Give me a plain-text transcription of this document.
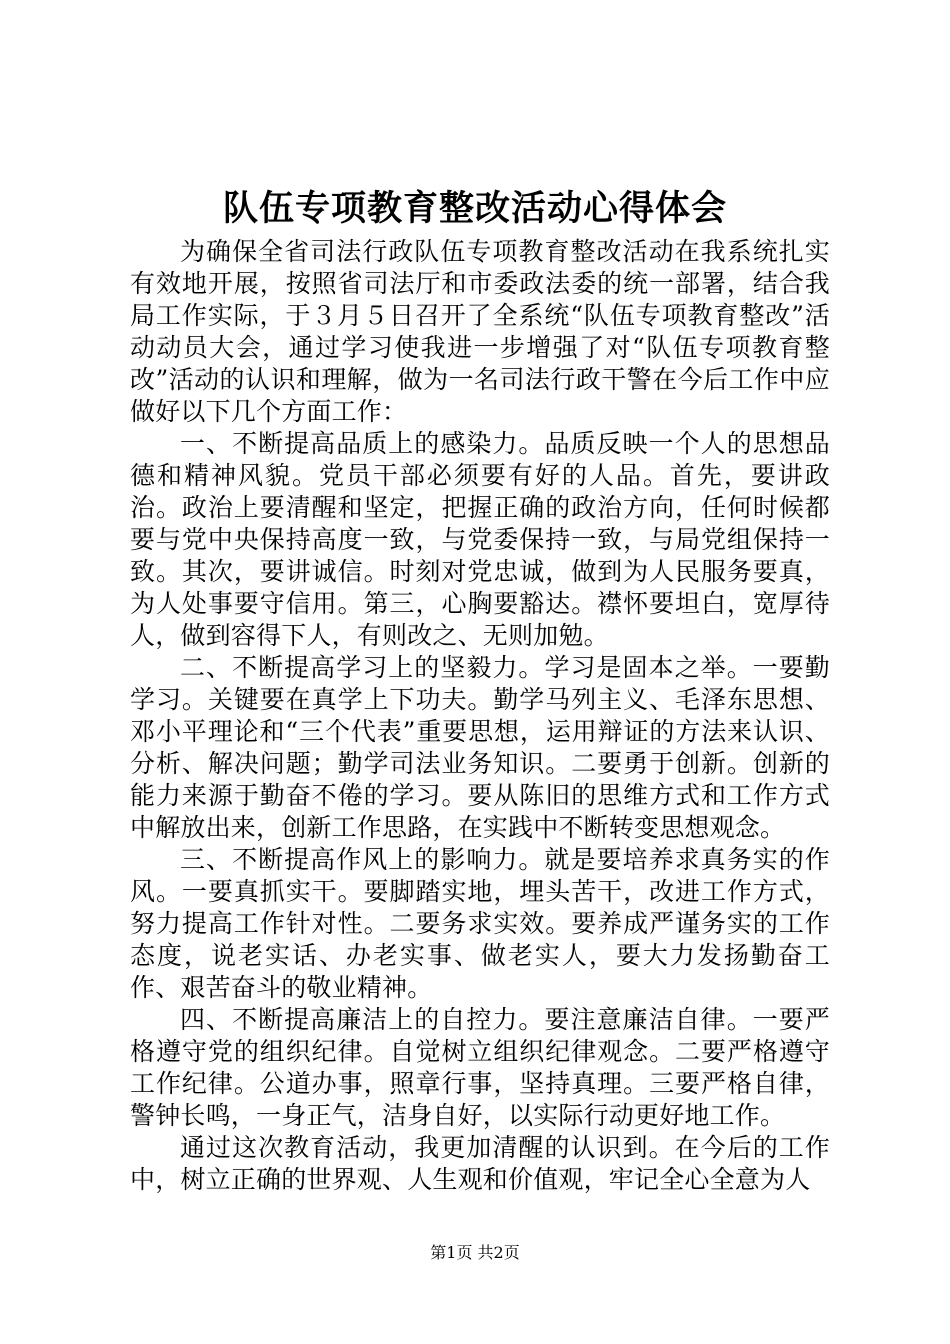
队伍专项教育整改活动心得体会

为确保全省司法行政队伍专项教育整改活动在我系统扎实有效地开展，按照省司法厅和市委政法委的统一部署，结合我局工作实际，于３月５日召开了全系统“队伍专项教育整改”活动动员大会，通过学习使我进一步增强了对“队伍专项教育整改”活动的认识和理解，做为一名司法行政干警在今后工作中应做好以下几个方面工作：

一、不断提高品质上的感染力。品质反映一个人的思想品德和精神风貌。党员干部必须要有好的人品。首先，要讲政治。政治上要清醒和坚定，把握正确的政治方向，任何时候都要与党中央保持高度一致，与党委保持一致，与局党组保持一致。其次，要讲诚信。时刻对党忠诚，做到为人民服务要真，为人处事要守信用。第三，心胸要豁达。襟怀要坦白，宽厚待人，做到容得下人，有则改之、无则加勉。

二、不断提高学习上的坚毅力。学习是固本之举。一要勤学习。关键要在真学上下功夫。勤学马列主义、毛泽东思想、邓小平理论和“三个代表”重要思想，运用辩证的方法来认识、分析、解决问题；勤学司法业务知识。二要勇于创新。创新的能力来源于勤奋不倦的学习。要从陈旧的思维方式和工作方式中解放出来，创新工作思路，在实践中不断转变思想观念。

三、不断提高作风上的影响力。就是要培养求真务实的作风。一要真抓实干。要脚踏实地，埋头苦干，改进工作方式，努力提高工作针对性。二要务求实效。要养成严谨务实的工作态度，说老实话、办老实事、做老实人，要大力发扬勤奋工作、艰苦奋斗的敬业精神。

四、不断提高廉洁上的自控力。要注意廉洁自律。一要严格遵守党的组织纪律。自觉树立组织纪律观念。二要严格遵守工作纪律。公道办事，照章行事，坚持真理。三要严格自律，警钟长鸣，一身正气，洁身自好，以实际行动更好地工作。

通过这次教育活动，我更加清醒的认识到。在今后的工作中，树立正确的世界观、人生观和价值观，牢记全心全意为人

第1页 共2页
